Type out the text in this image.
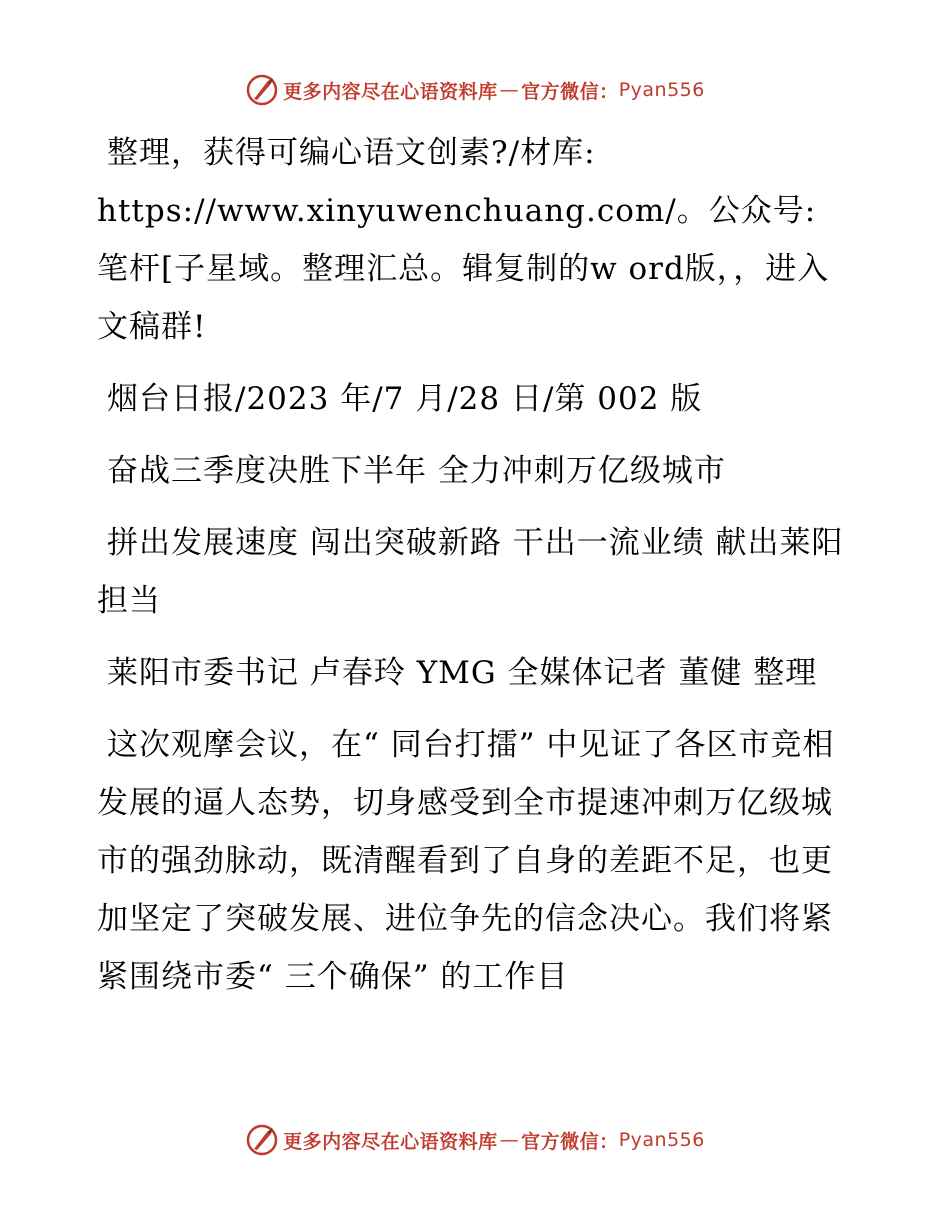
更多内容尽在心语资料库 — 官方微信： Pyan556

整理，获得可编心语文创素?/材库: https://www.xinyuwenchuang.com/。公众号: 笔杆[子星域。整理汇总。辑复制的w ord版，，进入文稿群!

烟台日报/2023 年/7 月/28 日/第 002 版

奋战三季度决胜下半年 全力冲刺万亿级城市

拼出发展速度 闯出突破新路 干出一流业绩 献出莱阳担当

莱阳市委书记 卢春玲 YMG 全媒体记者 董健 整理

这次观摩会议，在“ 同台打擂” 中见证了各区市竞相发展的逼人态势，切身感受到全市提速冲刺万亿级城市的强劲脉动，既清醒看到了自身的差距不足，也更加坚定了突破发展、进位争先的信念决心。我们将紧紧围绕市委“ 三个确保” 的工作目

更多内容尽在心语资料库 — 官方微信： Pyan556
